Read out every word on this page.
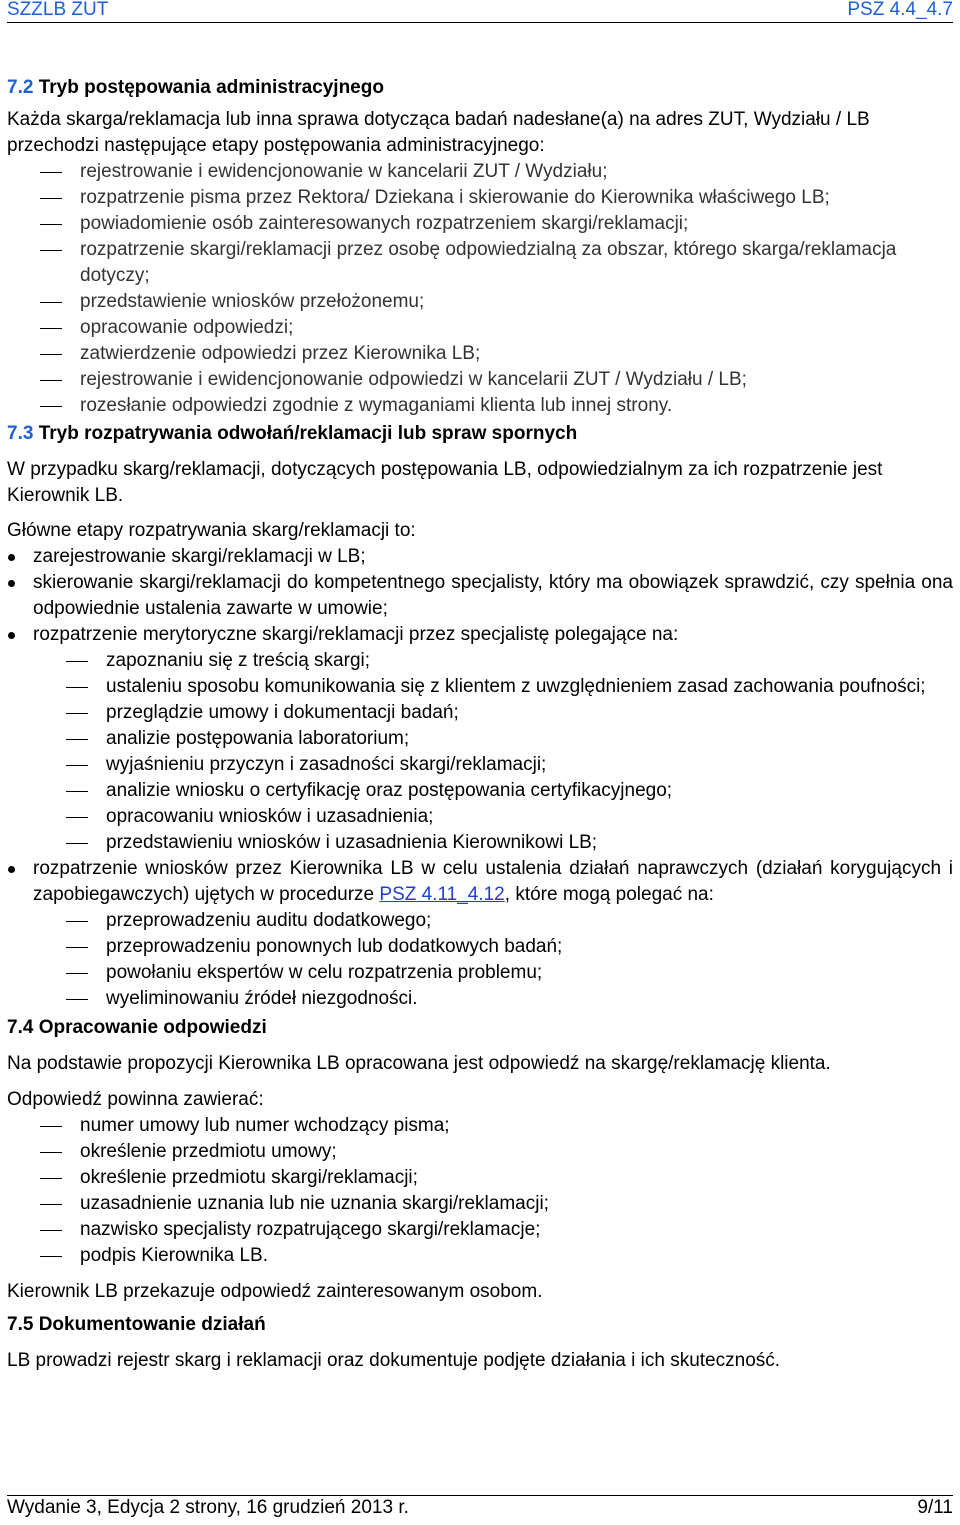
SZZLB ZUT	PSZ 4.4_4.7
7.2 Tryb postępowania administracyjnego

Każda skarga/reklamacja lub inna sprawa dotycząca badań nadesłane(a) na adres ZUT, Wydziału / LB przechodzi następujące etapy postępowania administracyjnego:

rejestrowanie i ewidencjonowanie w kancelarii ZUT / Wydziału;
rozpatrzenie pisma przez Rektora/ Dziekana i skierowanie do Kierownika właściwego LB;
powiadomienie osób zainteresowanych rozpatrzeniem skargi/reklamacji;
rozpatrzenie skargi/reklamacji przez osobę odpowiedzialną za obszar, którego skarga/reklamacja dotyczy;
przedstawienie wniosków przełożonemu;
opracowanie odpowiedzi;
zatwierdzenie odpowiedzi przez Kierownika LB;
rejestrowanie i ewidencjonowanie odpowiedzi w kancelarii ZUT / Wydziału / LB;
rozesłanie odpowiedzi zgodnie z wymaganiami klienta lub innej strony.
7.3 Tryb rozpatrywania odwołań/reklamacji lub spraw spornych

W przypadku skarg/reklamacji, dotyczących postępowania LB, odpowiedzialnym za ich rozpatrzenie jest Kierownik LB.

Główne etapy rozpatrywania skarg/reklamacji to:

zarejestrowanie skargi/reklamacji w LB;
skierowanie skargi/reklamacji do kompetentnego specjalisty, który ma obowiązek sprawdzić, czy spełnia ona odpowiednie ustalenia zawarte w umowie;
rozpatrzenie merytoryczne skargi/reklamacji przez specjalistę polegające na:
zapoznaniu się z treścią skargi;
ustaleniu sposobu komunikowania się z klientem z uwzględnieniem zasad zachowania poufności;
przeglądzie umowy i dokumentacji badań;
analizie postępowania laboratorium;
wyjaśnieniu przyczyn i zasadności skargi/reklamacji;
analizie wniosku o certyfikację oraz postępowania certyfikacyjnego;
opracowaniu wniosków i uzasadnienia;
przedstawieniu wniosków i uzasadnienia Kierownikowi LB;
rozpatrzenie wniosków przez Kierownika LB w celu ustalenia działań naprawczych (działań korygujących i zapobiegawczych) ujętych w procedurze PSZ 4.11_4.12, które mogą polegać na:
przeprowadzeniu auditu dodatkowego;
przeprowadzeniu ponownych lub dodatkowych badań;
powołaniu ekspertów w celu rozpatrzenia problemu;
wyeliminowaniu źródeł niezgodności.
7.4 Opracowanie odpowiedzi

Na podstawie propozycji Kierownika LB opracowana jest odpowiedź na skargę/reklamację klienta.

Odpowiedź powinna zawierać:

numer umowy lub numer wchodzący pisma;
określenie przedmiotu umowy;
określenie przedmiotu skargi/reklamacji;
uzasadnienie uznania lub nie uznania skargi/reklamacji;
nazwisko specjalisty rozpatrującego skargi/reklamacje;
podpis Kierownika LB.

Kierownik LB przekazuje odpowiedź zainteresowanym osobom.

7.5 Dokumentowanie działań

LB prowadzi rejestr skarg i reklamacji oraz dokumentuje podjęte działania i ich skuteczność.

Wydanie 3, Edycja 2 strony, 16 grudzień 2013 r.	9/11
